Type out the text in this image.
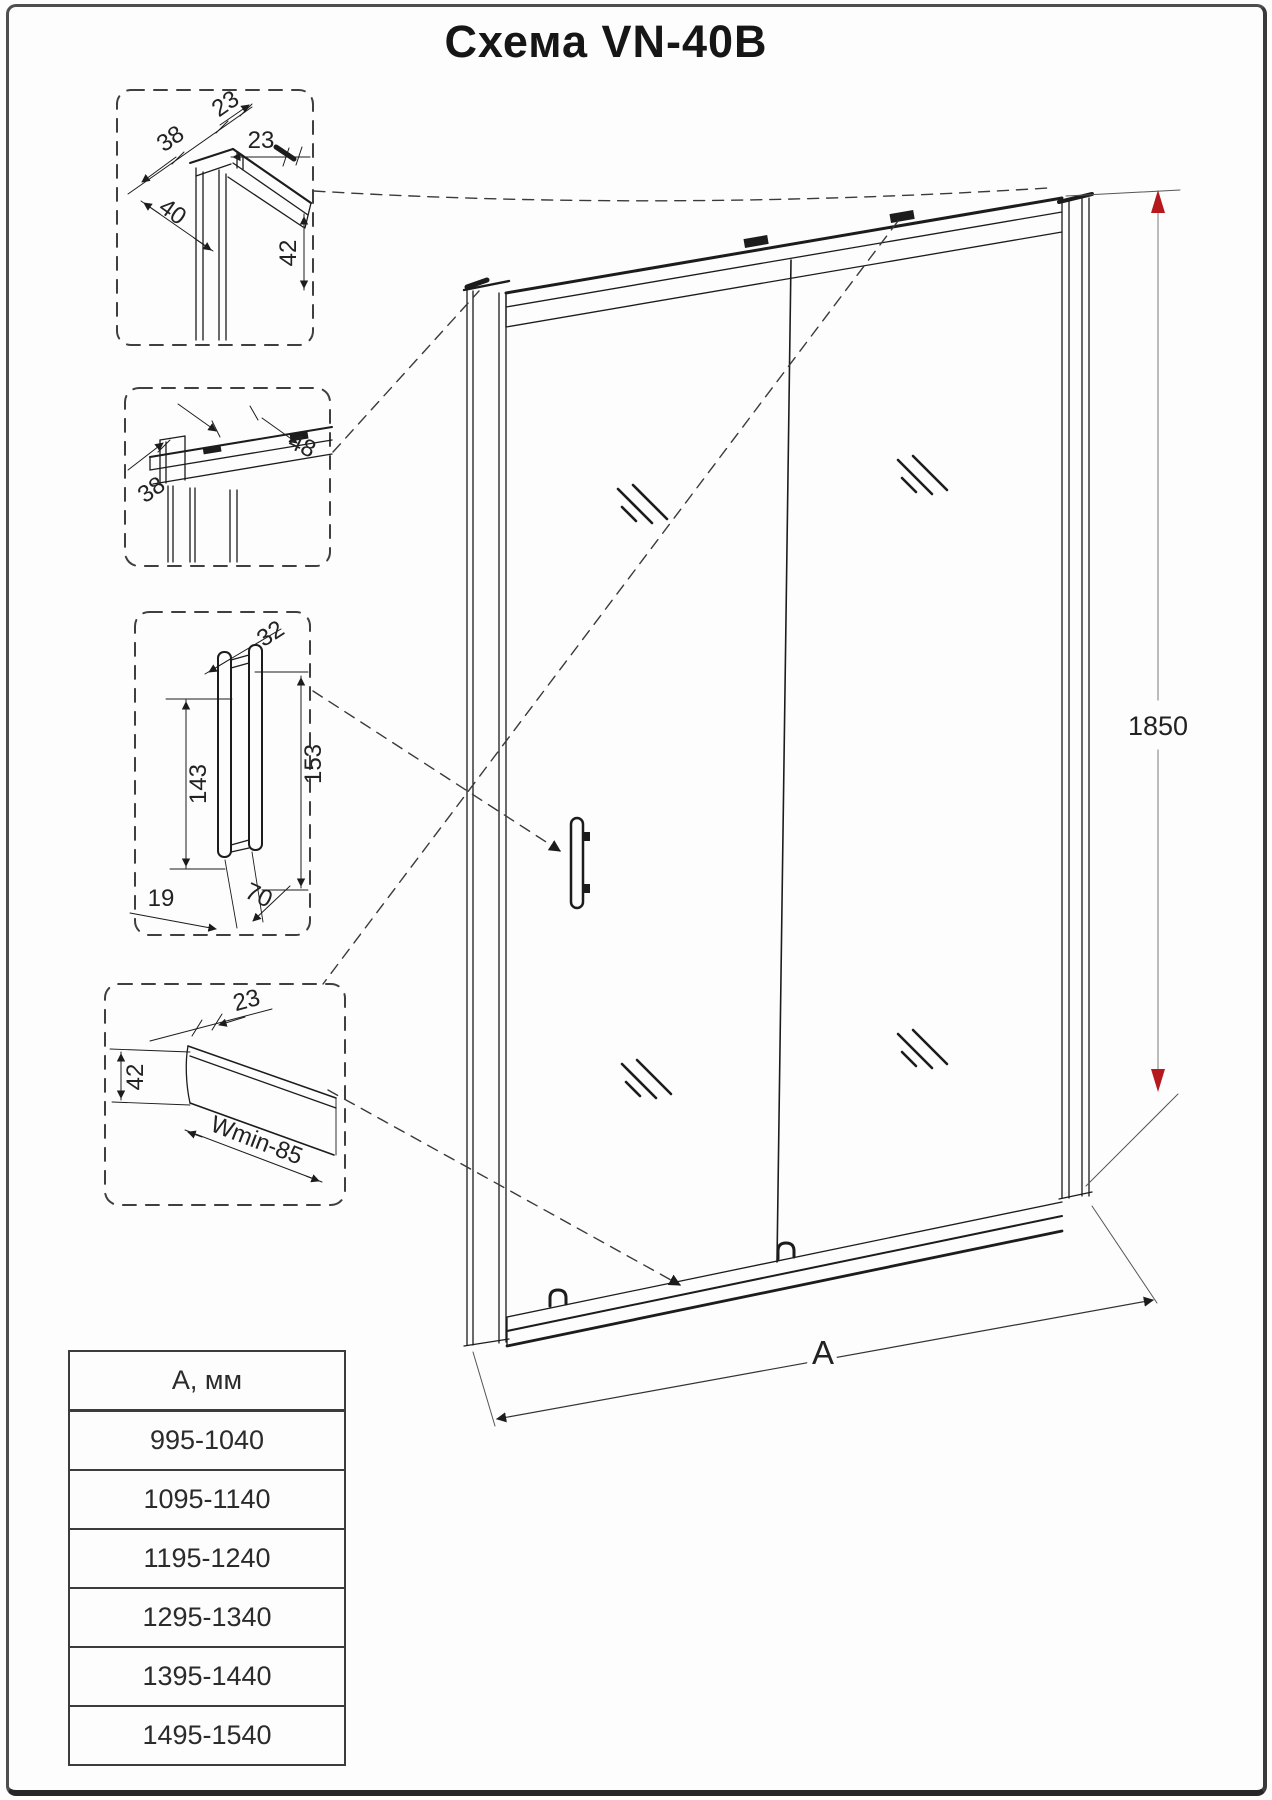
Схема VN-40B
38
23
23
40
42
38
48
32
143	153
19	70
23
42
Wmin-85
1850
A
А, мм
995-1040
1095-1140
1195-1240
1295-1340
1395-1440
1495-1540
